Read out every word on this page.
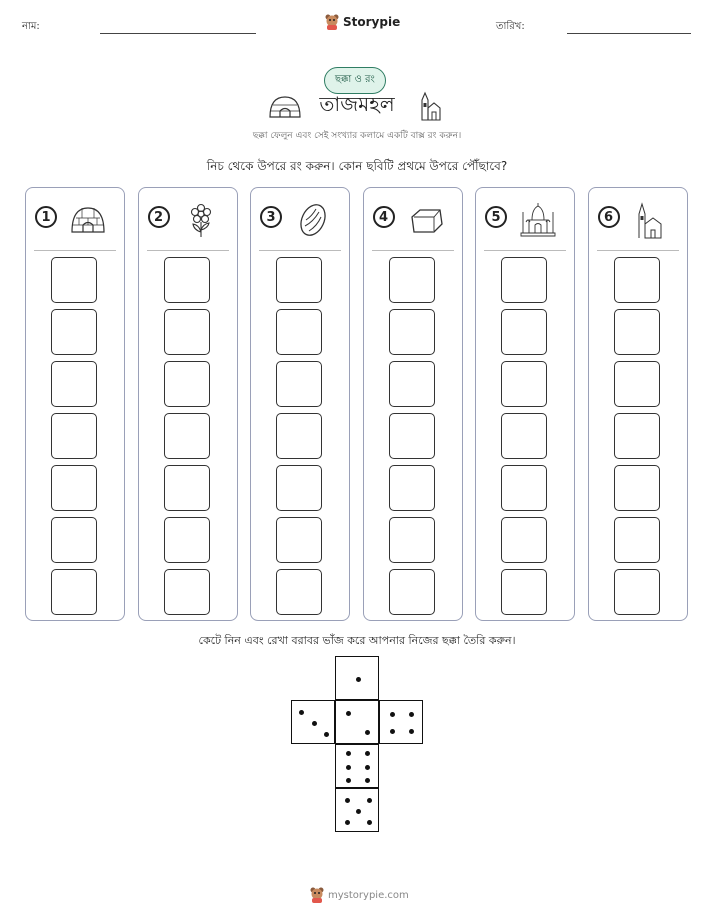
নাম:	Storypie	তারিখ:
ছক্কা ও রং
তাজমহল
ছক্কা ফেলুন এবং সেই সংখ্যার কলামে একটি বাক্স রং করুন।
নিচ থেকে উপরে রং করুন। কোন ছবিটি প্রথমে উপরে পৌঁছাবে?
1	2	3	4	5	6
কেটে নিন এবং রেখা বরাবর ভাঁজ করে আপনার নিজের ছক্কা তৈরি করুন।
mystorypie.com
